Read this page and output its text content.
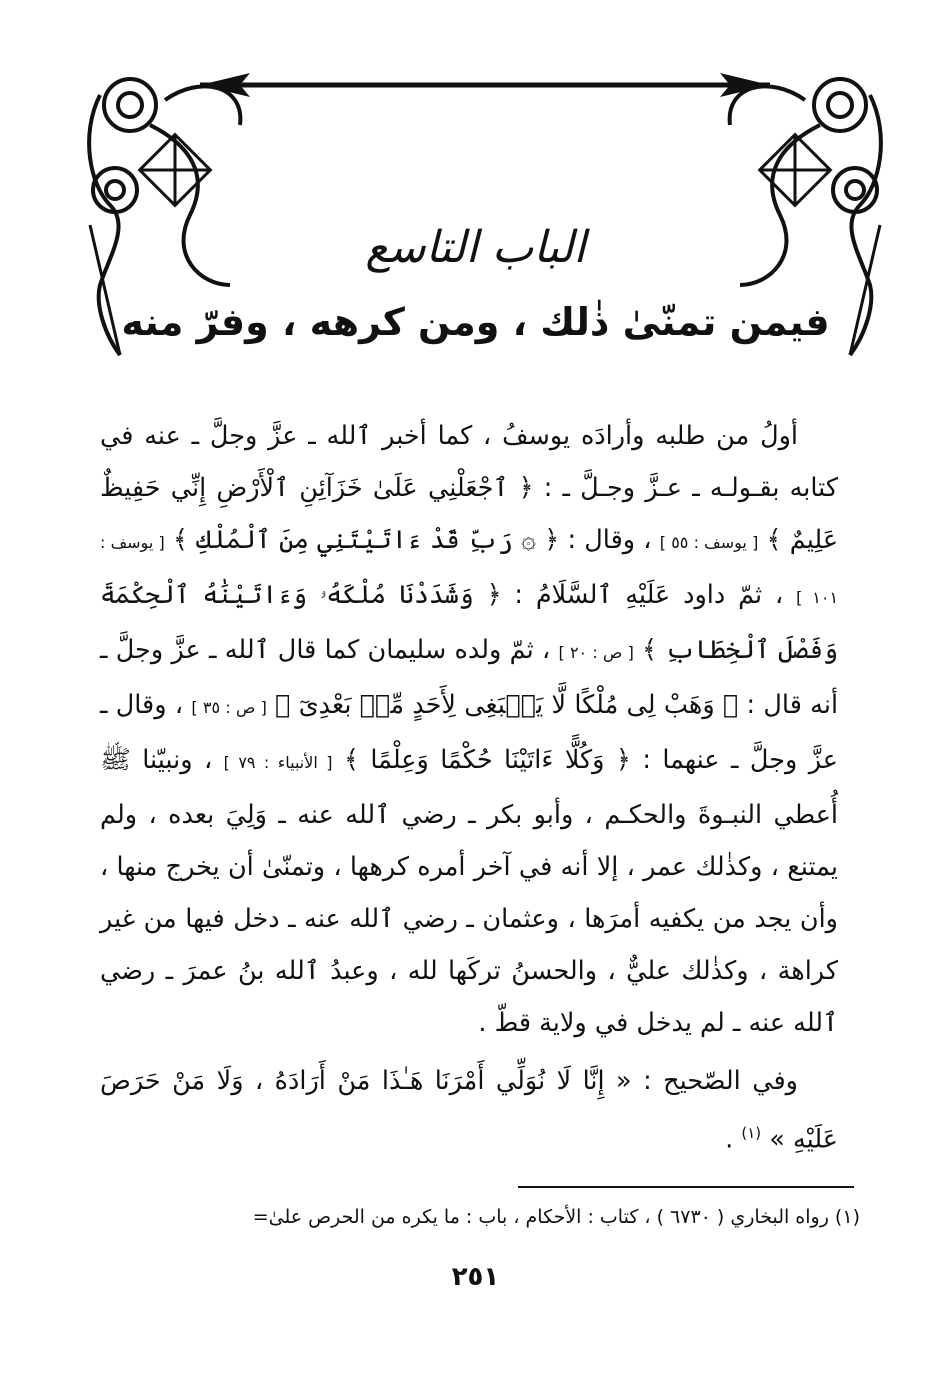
الباب التاسع
فيمن تمنّىٰ ذٰلك ، ومن كرهه ، وفرّ منه

أولُ من طلبه وأرادَه يوسفُ ، كما أخبر ٱلله ـ عزَّ وجلَّ ـ عنه في كتابه بقـولـه ـ عـزَّ وجـلَّ ـ : ﴿ ٱجْعَلْنِي عَلَىٰ خَزَآئِنِ ٱلْأَرْضِ إِنِّي حَفِيظٌ عَلِيمٌ ﴾ [ يوسف : ٥٥ ] ، وقال : ﴿ ۞ رَبِّ قَدْ ءَاتَيْتَنِي مِنَ ٱلْمُلْكِ ﴾ [ يوسف : ١٠١ ] ، ثمّ داود عَلَيْهِ ٱلسَّلَامُ : ﴿ وَشَدَدْنَا مُلْكَهُۥ وَءَاتَيْنَٰهُ ٱلْحِكْمَةَ وَفَصْلَ ٱلْخِطَابِ ﴾ [ ص : ٢٠ ] ، ثمّ ولده سليمان كما قال ٱلله ـ عزَّ وجلَّ ـ أنه قال : ﴿ وَهَبْ لِى مُلْكًا لَّا يَنۢبَغِى لِأَحَدٍ مِّنۢ بَعْدِىٓ ﴾ [ ص : ٣٥ ] ، وقال ـ عزَّ وجلَّ ـ عنهما : ﴿ وَكُلًّا ءَاتَيْنَا حُكْمًا وَعِلْمًا ﴾ [ الأنبياء : ٧٩ ] ، ونبيّنا ﷺ أُعطي النبـوةَ والحكـم ، وأبو بكر ـ رضي ٱلله عنه ـ وَلِيَ بعده ، ولم يمتنع ، وكذٰلك عمر ، إلا أنه في آخر أمره كرهها ، وتمنّىٰ أن يخرج منها ، وأن يجد من يكفيه أمرَها ، وعثمان ـ رضي ٱلله عنه ـ دخل فيها من غير كراهة ، وكذٰلك عليٌّ ، والحسنُ تركَها لله ، وعبدُ ٱلله بنُ عمرَ ـ رضي ٱلله عنه ـ لم يدخل في ولاية قطّ .

وفي الصّحيح : « إِنَّا لَا نُوَلِّي أَمْرَنَا هَـٰذَا مَنْ أَرَادَهُ ، وَلَا مَنْ حَرَصَ عَلَيْهِ » $^{(١)}$ .

(١) رواه البخاري ( ٦٧٣٠ ) ، كتاب : الأحكام ، باب : ما يكره من الحرص علىٰ=
٢٥١
